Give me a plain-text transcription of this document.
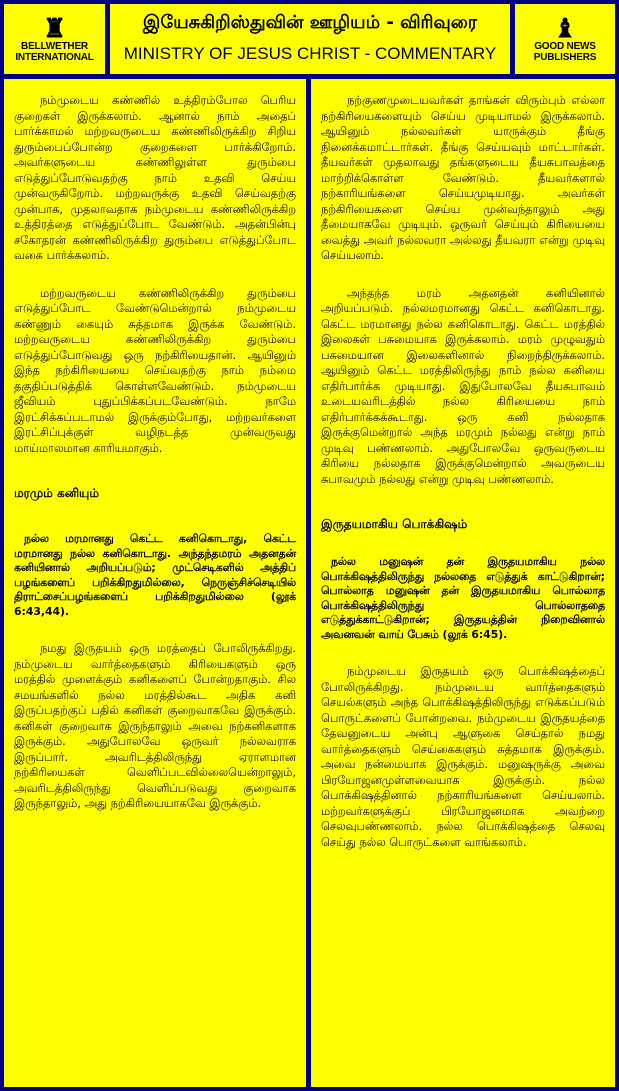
♜
BELLWETHER
INTERNATIONAL
இயேசுகிறிஸ்துவின் ஊழியம் - விரிவுரை
MINISTRY OF JESUS CHRIST - COMMENTARY
♝
GOOD NEWS
PUBLISHERS

நம்முடைய கண்ணில் உத்திரம்போல பெரிய குறைகள் இருக்கலாம். ஆனால் நாம் அதைப் பார்க்காமல் மற்றவருடைய கண்ணிலிருக்கிற சிறிய துரும்பைப்போன்ற குறைகளை பார்க்கிறோம். அவர்களுடைய கண்ணிலுள்ள துரும்பை எடுத்துப்போடுவதற்கு நாம் உதவி செய்ய முன்வருகிறோம். மற்றவருக்கு உதவி செய்வதற்கு முன்பாக, முதலாவதாக நம்முடைய கண்ணிலிருக்கிற உத்திரத்தை எடுத்துப்போட வேண்டும். அதன்பின்பு சகோதரன் கண்ணிலிருக்கிற துரும்பை எடுத்துப்போட வகை பார்க்கலாம்.

மற்றவருடைய கண்ணிலிருக்கிற துரும்பை எடுத்துப்போட வேண்டுமென்றால் நம்முடைய கண்ணும் கையும் சுத்தமாக இருக்க வேண்டும். மற்றவருடைய கண்ணிலிருக்கிற துரும்பை எடுத்துப்போடுவது ஒரு நற்கிரியைதான். ஆயினும் இந்த நற்கிரியையை செய்வதற்கு நாம் நம்மை தகுதிப்படுத்திக் கொள்ளவேண்டும். நம்முடைய ஜீவியம் புதுப்பிக்கப்படவேண்டும். நாமே இரட்சிக்கப்படாமல் இருக்கும்போது, மற்றவர்களை இரட்சிப்புக்குள் வழிநடத்த முன்வருவது மாய்மாலமான காரியமாகும்.

மரமும் கனியும்

நல்ல மரமானது கெட்ட கனிகொடாது, கெட்ட மரமானது நல்ல கனிகொடாது. அந்தந்தமரம் அதனதன் கனியினால் அறியப்படும்; முட்செடிகளில் அத்திப் பழங்களைப் பறிக்கிறதுமில்லை, நெருஞ்சிச்செடியில் திராட்சைப்பழங்களைப் பறிக்கிறதுமில்லை (லூக் 6:43,44).

நமது இருதயம் ஒரு மரத்தைப் போலிருக்கிறது. நம்முடைய வார்த்தைகளும் கிரியைகளும் ஒரு மரத்தில் முளைக்கும் கனிகளைப் போன்றதாகும். சில சமயங்களில் நல்ல மரத்தில்கூட அதிக கனி இருப்பதற்குப் பதில் கனிகள் குறைவாகவே இருக்கும். கனிகள் குறைவாக இருந்தாலும் அவை நற்கனிகளாக இருக்கும். அதுபோலவே ஒருவர் நல்லவராக இருப்பார். அவரிடத்திலிருந்து ஏராளமான நற்கிரியைகள் வெளிப்படவில்லையென்றாலும், அவரிடத்திலிருந்து வெளிப்படுவது குறைவாக இருந்தாலும், அது நற்கிரியையாகவே இருக்கும்.

நற்குணமுடையவர்கள் தாங்கள் விரும்பும் எல்லா நற்கிரியைகளையும் செய்ய முடியாமல் இருக்கலாம். ஆயினும் நல்லவர்கள் யாருக்கும் தீங்கு நினைக்கமாட்டார்கள். தீங்கு செய்யவும் மாட்டார்கள். தீயவர்கள் முதலாவது தங்களுடைய தீயசுபாவத்தை மாற்றிக்கொள்ள வேண்டும். தீயவர்களால் நற்காரியங்களை செய்யமுடியாது. அவர்கள் நற்கிரியைகளை செய்ய முன்வந்தாலும் அது தீமையாகவே முடியும். ஒருவர் செய்யும் கிரியையை வைத்து அவர் நல்லவரா அல்லது தீயவரா என்று முடிவு செய்யலாம்.

அந்தந்த மரம் அதனதன் கனியினால் அறியப்படும். நல்லமரமானது கெட்ட கனிகொடாது. கெட்ட மரமானது நல்ல கனிகொடாது. கெட்ட மரத்தில் இலைகள் பசுமையாக இருக்கலாம். மரம் முழுவதும் பசுமையான இலைகளினால் நிறைந்திருக்கலாம். ஆயினும் கெட்ட மரத்திலிருந்து நாம் நல்ல கனியை எதிர்பார்க்க முடியாது. இதுபோலவே தீயசுபாவம் உடையவரிடத்தில் நல்ல கிரியையை நாம் எதிர்பார்க்கக்கூடாது. ஒரு கனி நல்லதாக இருக்குமென்றால் அந்த மரமும் நல்லது என்று நாம் முடிவு பண்ணலாம். அதுபோலவே ஒருவருடைய கிரியை நல்லதாக இருக்குமென்றால் அவருடைய சுபாவமும் நல்லது என்று முடிவு பண்ணலாம்.

இருதயமாகிய பொக்கிஷம்

நல்ல மனுஷன் தன் இருதயமாகிய நல்ல பொக்கிஷத்திலிருந்து நல்லதை எடுத்துக் காட்டுகிறான்; பொல்லாத மனுஷன் தன் இருதயமாகிய பொல்லாத பொக்கிஷத்திலிருந்து பொல்லாததை எடுத்துக்காட்டுகிறான்; இருதயத்தின் நிறைவினால் அவனவன் வாய் பேசும் (லூக் 6:45).

நம்முடைய இருதயம் ஒரு பொக்கிஷத்தைப் போலிருக்கிறது. நம்முடைய வார்த்தைகளும் செயல்களும் அந்த பொக்கிஷத்திலிருந்து எடுக்கப்படும் பொருட்களைப் போன்றவை. நம்முடைய இருதயத்தை தேவனுடைய அன்பு ஆளுகை செய்தால் நமது வார்த்தைகளும் செய்கைகளும் சுத்தமாக இருக்கும். அவை நன்மையாக இருக்கும். மனுஷருக்கு அவை பிரயோஜனமுள்ளவையாக இருக்கும். நல்ல பொக்கிஷத்தினால் நற்காரியங்களை செய்யலாம். மற்றவர்களுக்குப் பிரயோஜனமாக அவற்றை செலவுபண்ணலாம். நல்ல பொக்கிஷத்தை செலவு செய்து நல்ல பொருட்களை வாங்கலாம்.
